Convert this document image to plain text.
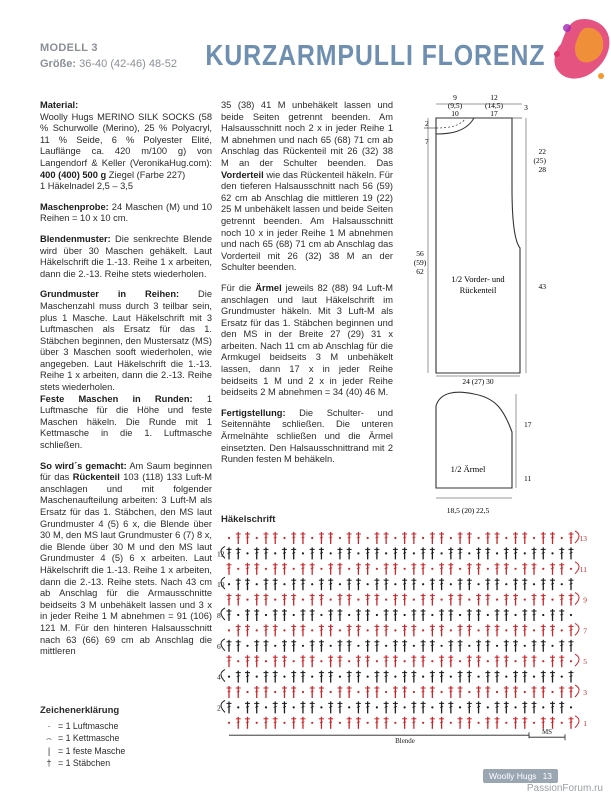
MODELL 3
Größe: 36-40 (42-46) 48-52 KURZARMPULLI FLORENZ

Material:

Woolly Hugs MERINO SILK SOCKS (58 % Schurwolle (Merino), 25 % Polyacryl, 11 % Seide, 6 % Polyester Elité, Lauflänge ca. 420 m/100 g) von Langendorf & Keller (VeronikaHug.com): 400 (400) 500 g Ziegel (Farbe 227)

1 Häkelnadel 2,5 – 3,5

Maschenprobe: 24 Maschen (M) und 10 Reihen = 10 x 10 cm.

Blendenmuster: Die senkrechte Blende wird über 30 Maschen gehäkelt. Laut Häkelschrift die 1.-13. Reihe 1 x arbeiten, dann die 2.-13. Reihe stets wiederholen.

Grundmuster in Reihen: Die Maschenzahl muss durch 3 teilbar sein, plus 1 Masche. Laut Häkelschrift mit 3 Luftmaschen als Ersatz für das 1. Stäbchen beginnen, den Mustersatz (MS) über 3 Maschen sooft wiederholen, wie angegeben. Laut Häkelschrift die 1.-13. Reihe 1 x arbeiten, dann die 2.-13. Reihe stets wiederholen.

Feste Maschen in Runden: 1 Luftmasche für die Höhe und feste Maschen häkeln. Die Runde mit 1 Kettmasche in die 1. Luftmasche schließen.

So wird´s gemacht: Am Saum beginnen für das Rückenteil 103 (118) 133 Luft-M anschlagen und mit folgender Maschenaufteilung arbeiten: 3 Luft-M als Ersatz für das 1. Stäbchen, den MS laut Grundmuster 4 (5) 6 x, die Blende über 30 M, den MS laut Grundmuster 6 (7) 8 x, die Blende über 30 M und den MS laut Grundmuster 4 (5) 6 x arbeiten. Laut Häkelschrift die 1.-13. Reihe 1 x arbeiten, dann die 2.-13. Reihe stets. Nach 43 cm ab Anschlag für die Armausschnitte beidseits 3 M unbehäkelt lassen und 3 x in jeder Reihe 1 M abnehmen = 91 (106) 121 M. Für den hinteren Halsausschnitt nach 63 (66) 69 cm ab Anschlag die mittleren

35 (38) 41 M unbehäkelt lassen und beide Seiten getrennt beenden. Am Halsausschnitt noch 2 x in jeder Reihe 1 M abnehmen und nach 65 (68) 71 cm ab Anschlag das Rückenteil mit 26 (32) 38 M an der Schulter beenden. Das Vorderteil wie das Rückenteil häkeln. Für den tieferen Halsausschnitt nach 56 (59) 62 cm ab Anschlag die mittleren 19 (22) 25 M unbehäkelt lassen und beide Seiten getrennt beenden. Am Halsausschnitt noch 10 x in jeder Reihe 1 M abnehmen und nach 65 (68) 71 cm ab Anschlag das Vorderteil mit 26 (32) 38 M an der Schulter beenden.

Für die Ärmel jeweils 82 (88) 94 Luft-M anschlagen und laut Häkelschrift im Grundmuster häkeln. Mit 3 Luft-M als Ersatz für das 1. Stäbchen beginnen und den MS in der Breite 27 (29) 31 x arbeiten. Nach 11 cm ab Anschlag für die Armkugel beidseits 3 M unbehäkelt lassen, dann 17 x in jeder Reihe beidseits 1 M und 2 x in jeder Reihe beidseits 2 M abnehmen = 34 (40) 46 M.

Fertigstellung: Die Schulter- und Seitennähte schließen. Die unteren Ärmelnähte schließen und die Ärmel einsetzten. Den Halsausschnittrand mit 2 Runden festen M behäkeln.

9
(9,5)
10
12
(14,5)
17
3
2
7
22
(25)
28
43
56
(59)
62
1/2 Vorder- und
Rückenteil
24 (27) 30
17
11
1/2 Ärmel
18,5 (20) 22,5
Häkelschrift
13
11
9
7
5
3
1
12
10
8
6
4
2
Blende
MS
Zeichenerklärung
· = 1 Luftmasche
⌢ = 1 Kettmasche
| = 1 feste Masche
† = 1 Stäbchen
Woolly Hugs 13
PassionForum.ru
